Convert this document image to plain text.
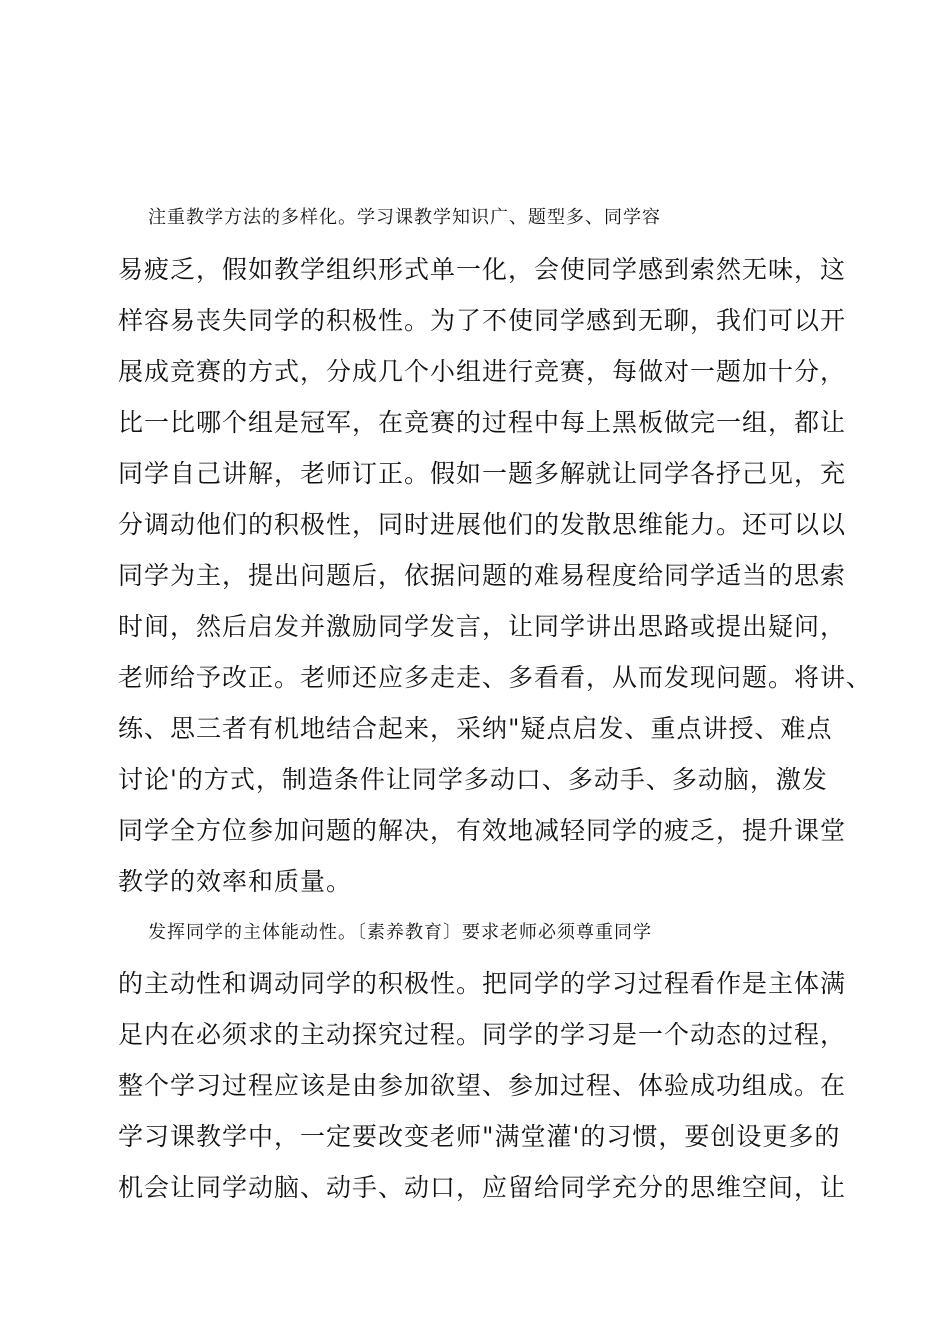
注重教学方法的多样化。学习课教学知识广、题型多、同学容
易疲乏，假如教学组织形式单一化，会使同学感到索然无味，这
样容易丧失同学的积极性。为了不使同学感到无聊，我们可以开
展成竞赛的方式，分成几个小组进行竞赛，每做对一题加十分，
比一比哪个组是冠军，在竞赛的过程中每上黑板做完一组，都让
同学自己讲解，老师订正。假如一题多解就让同学各抒己见，充
分调动他们的积极性，同时进展他们的发散思维能力。还可以以
同学为主，提出问题后，依据问题的难易程度给同学适当的思索
时间，然后启发并激励同学发言，让同学讲出思路或提出疑问，
老师给予改正。老师还应多走走、多看看，从而发现问题。将讲、
练、思三者有机地结合起来，采纳"疑点启发、重点讲授、难点
讨论'的方式，制造条件让同学多动口、多动手、多动脑，激发
同学全方位参加问题的解决，有效地减轻同学的疲乏，提升课堂
教学的效率和质量。
发挥同学的主体能动性。〔素养教育〕要求老师必须尊重同学
的主动性和调动同学的积极性。把同学的学习过程看作是主体满
足内在必须求的主动探究过程。同学的学习是一个动态的过程，
整个学习过程应该是由参加欲望、参加过程、体验成功组成。在
学习课教学中，一定要改变老师"满堂灌'的习惯，要创设更多的
机会让同学动脑、动手、动口，应留给同学充分的思维空间，让
